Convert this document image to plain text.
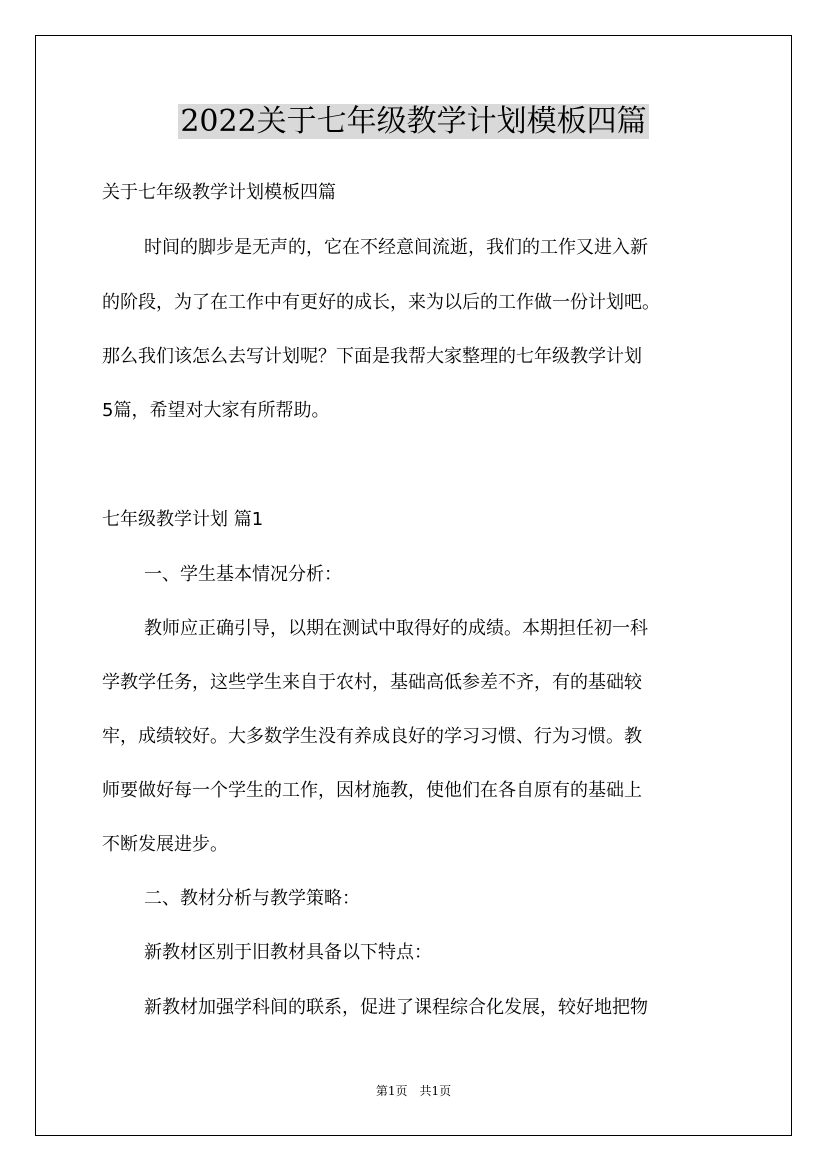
2022关于七年级教学计划模板四篇
关于七年级教学计划模板四篇
时间的脚步是无声的，它在不经意间流逝，我们的工作又进入新
的阶段，为了在工作中有更好的成长，来为以后的工作做一份计划吧。
那么我们该怎么去写计划呢？下面是我帮大家整理的七年级教学计划
5篇，希望对大家有所帮助。
七年级教学计划 篇1
一、学生基本情况分析：
教师应正确引导，以期在测试中取得好的成绩。本期担任初一科
学教学任务，这些学生来自于农村，基础高低参差不齐，有的基础较
牢，成绩较好。大多数学生没有养成良好的学习习惯、行为习惯。教
师要做好每一个学生的工作，因材施教，使他们在各自原有的基础上
不断发展进步。
二、教材分析与教学策略：
新教材区别于旧教材具备以下特点：
新教材加强学科间的联系，促进了课程综合化发展，较好地把物
第1页　共1页
